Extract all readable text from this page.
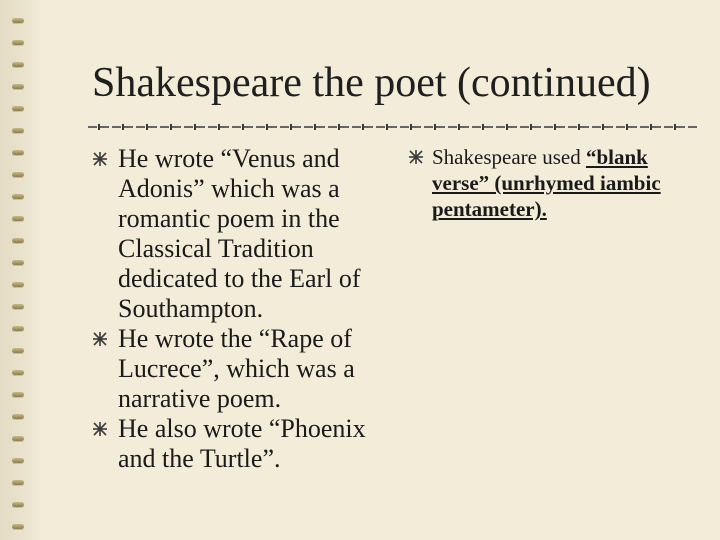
Shakespeare the poet (continued)
He wrote “Venus and Adonis” which was a romantic poem in the Classical Tradition dedicated to the Earl of Southampton.
He wrote the “Rape of Lucrece”, which was a narrative poem.
He also wrote “Phoenix and the Turtle”.
Shakespeare used “blank verse” (unrhymed iambic pentameter).
